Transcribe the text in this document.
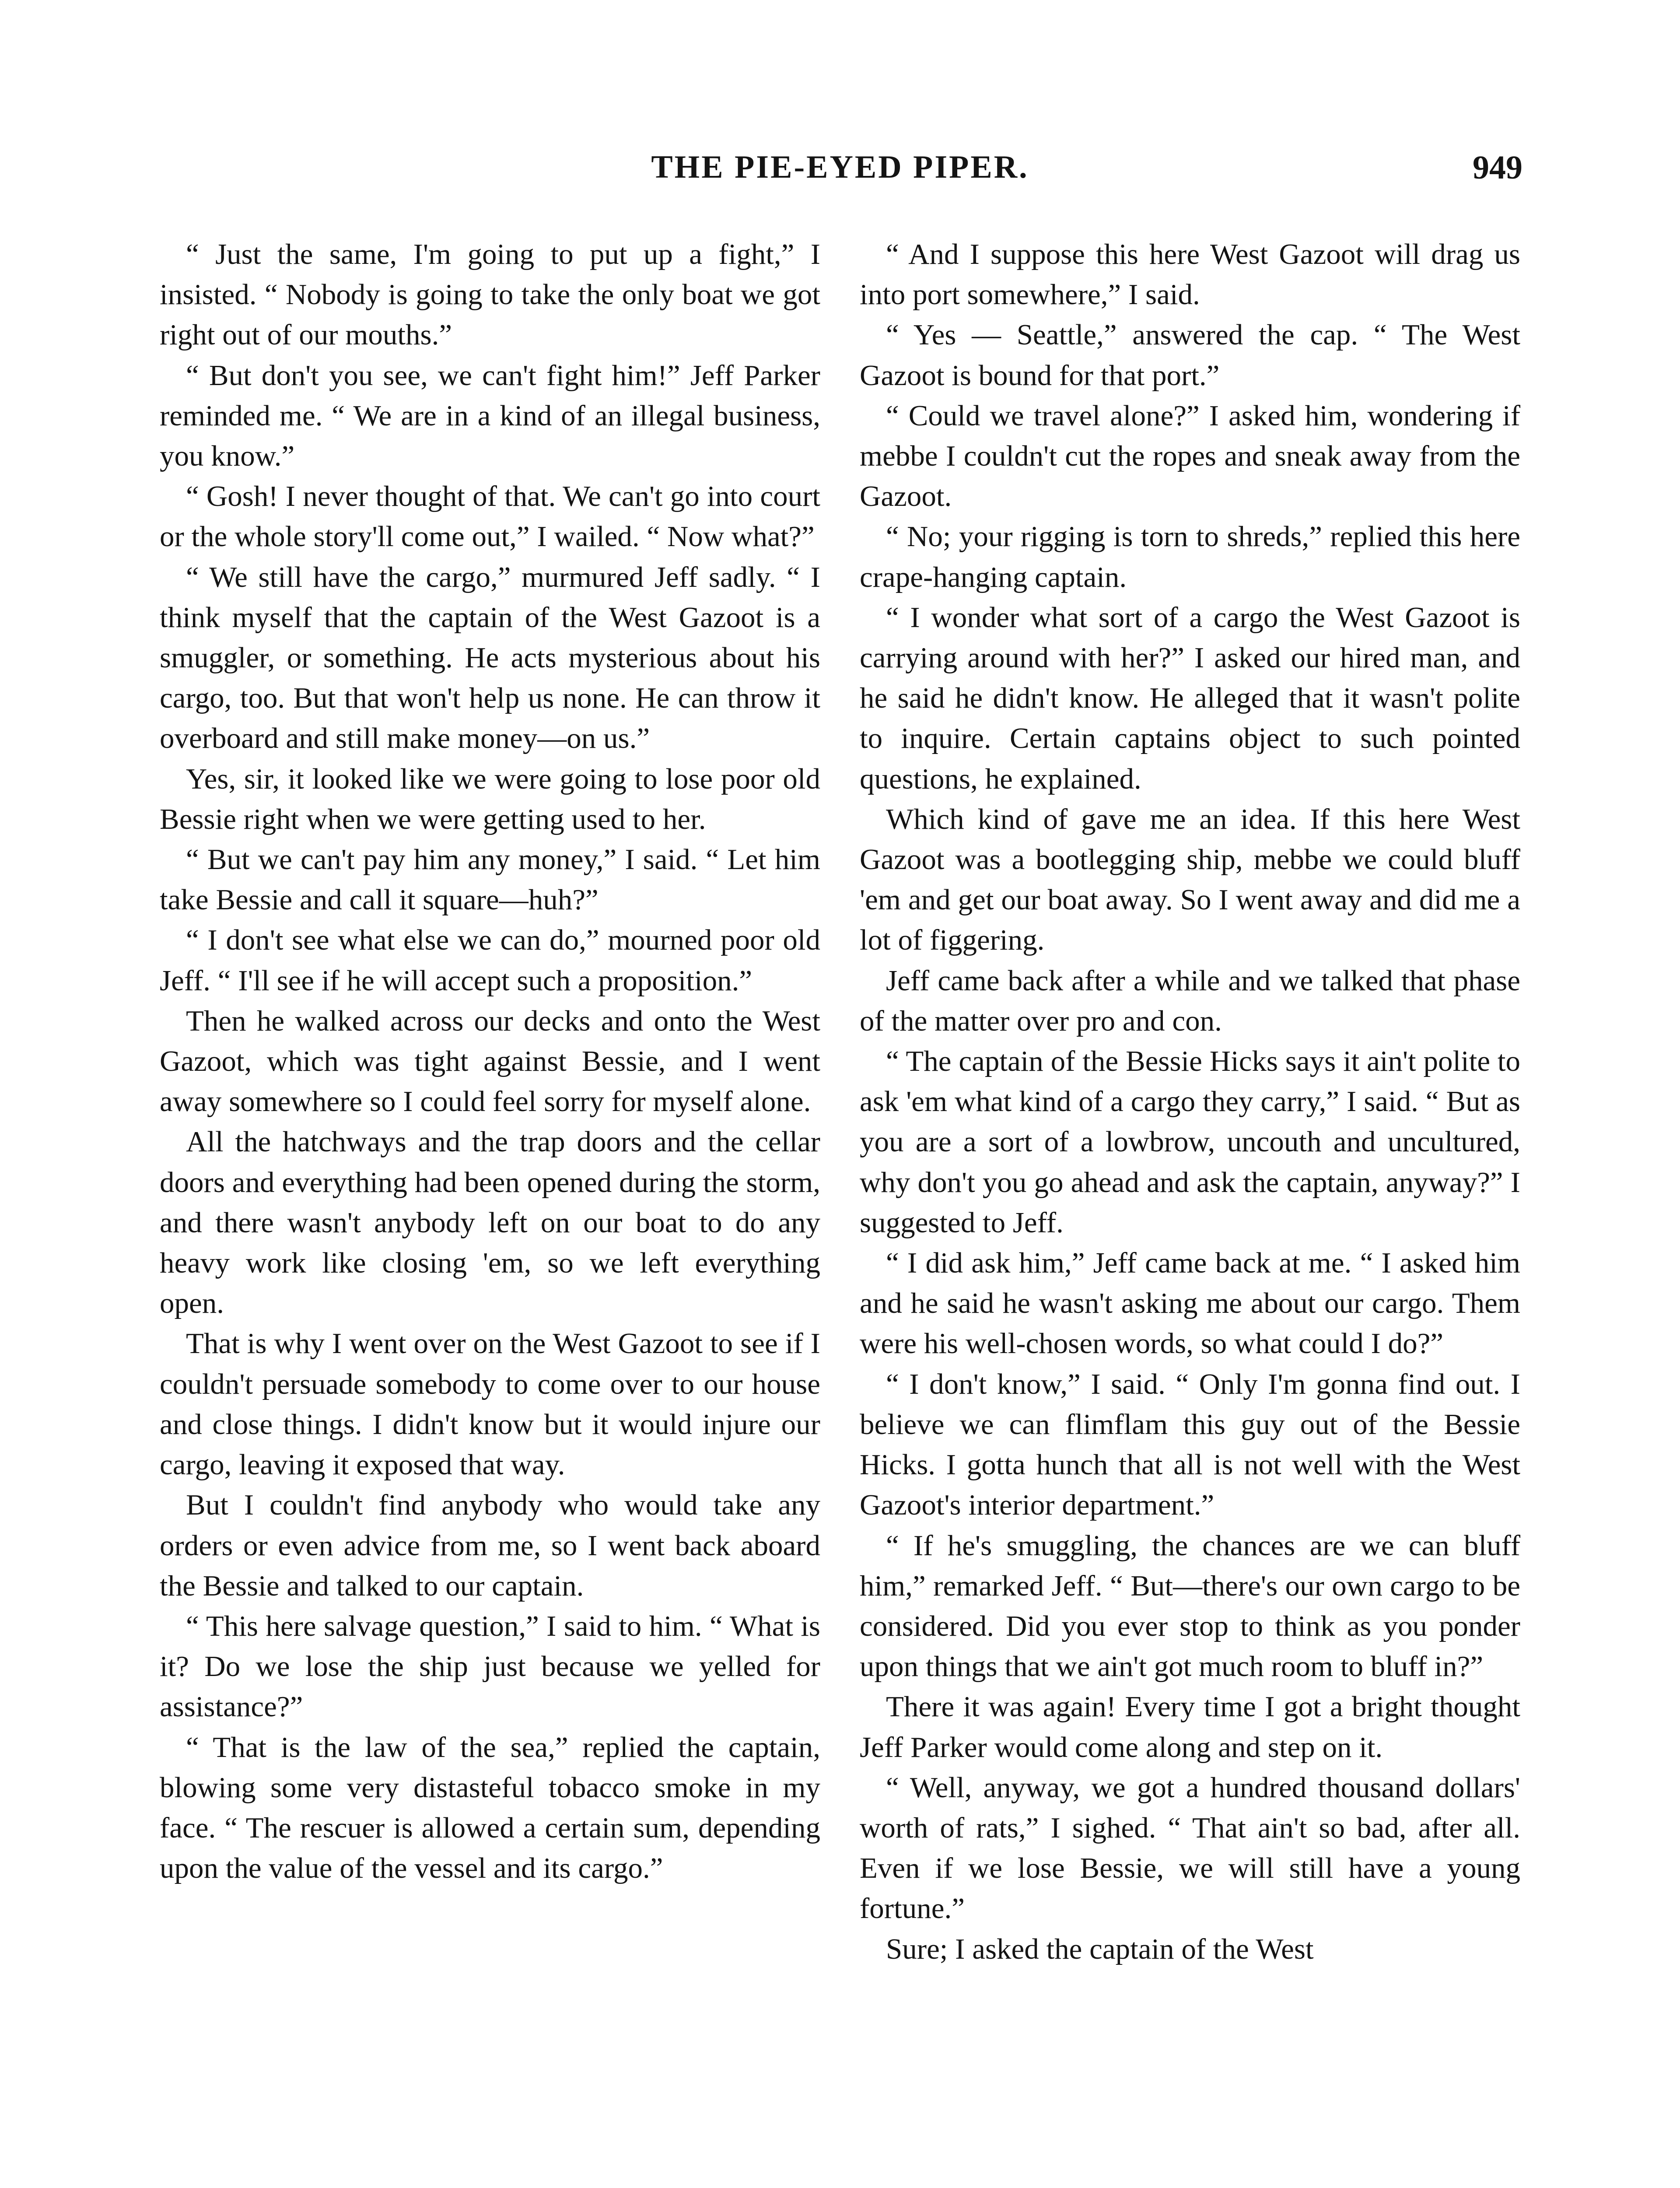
THE PIE-EYED PIPER.	949

“ Just the same, I'm going to put up a fight,” I insisted. “ Nobody is going to take the only boat we got right out of our mouths.”

“ But don't you see, we can't fight him!” Jeff Parker reminded me. “ We are in a kind of an illegal business, you know.”

“ Gosh! I never thought of that. We can't go into court or the whole story'll come out,” I wailed. “ Now what?”

“ We still have the cargo,” murmured Jeff sadly. “ I think myself that the captain of the West Gazoot is a smuggler, or something. He acts mysterious about his cargo, too. But that won't help us none. He can throw it overboard and still make money—on us.”

Yes, sir, it looked like we were going to lose poor old Bessie right when we were getting used to her.

“ But we can't pay him any money,” I said. “ Let him take Bessie and call it square—huh?”

“ I don't see what else we can do,” mourned poor old Jeff. “ I'll see if he will accept such a proposition.”

Then he walked across our decks and onto the West Gazoot, which was tight against Bessie, and I went away somewhere so I could feel sorry for myself alone.

All the hatchways and the trap doors and the cellar doors and everything had been opened during the storm, and there wasn't anybody left on our boat to do any heavy work like closing 'em, so we left everything open.

That is why I went over on the West Gazoot to see if I couldn't persuade somebody to come over to our house and close things. I didn't know but it would injure our cargo, leaving it exposed that way.

But I couldn't find anybody who would take any orders or even advice from me, so I went back aboard the Bessie and talked to our captain.

“ This here salvage question,” I said to him. “ What is it? Do we lose the ship just because we yelled for assistance?”

“ That is the law of the sea,” replied the captain, blowing some very distasteful tobacco smoke in my face. “ The rescuer is allowed a certain sum, depending upon the value of the vessel and its cargo.”

“ And I suppose this here West Gazoot will drag us into port somewhere,” I said.

“ Yes — Seattle,” answered the cap. “ The West Gazoot is bound for that port.”

“ Could we travel alone?” I asked him, wondering if mebbe I couldn't cut the ropes and sneak away from the Gazoot.

“ No; your rigging is torn to shreds,” replied this here crape-hanging captain.

“ I wonder what sort of a cargo the West Gazoot is carrying around with her?” I asked our hired man, and he said he didn't know. He alleged that it wasn't polite to inquire. Certain captains object to such pointed questions, he explained.

Which kind of gave me an idea. If this here West Gazoot was a bootlegging ship, mebbe we could bluff 'em and get our boat away. So I went away and did me a lot of figgering.

Jeff came back after a while and we talked that phase of the matter over pro and con.

“ The captain of the Bessie Hicks says it ain't polite to ask 'em what kind of a cargo they carry,” I said. “ But as you are a sort of a lowbrow, uncouth and uncultured, why don't you go ahead and ask the captain, anyway?” I suggested to Jeff.

“ I did ask him,” Jeff came back at me. “ I asked him and he said he wasn't asking me about our cargo. Them were his well-chosen words, so what could I do?”

“ I don't know,” I said. “ Only I'm gonna find out. I believe we can flimflam this guy out of the Bessie Hicks. I gotta hunch that all is not well with the West Gazoot's interior department.”

“ If he's smuggling, the chances are we can bluff him,” remarked Jeff. “ But—there's our own cargo to be considered. Did you ever stop to think as you ponder upon things that we ain't got much room to bluff in?”

There it was again! Every time I got a bright thought Jeff Parker would come along and step on it.

“ Well, anyway, we got a hundred thousand dollars' worth of rats,” I sighed. “ That ain't so bad, after all. Even if we lose Bessie, we will still have a young fortune.”

Sure; I asked the captain of the West
